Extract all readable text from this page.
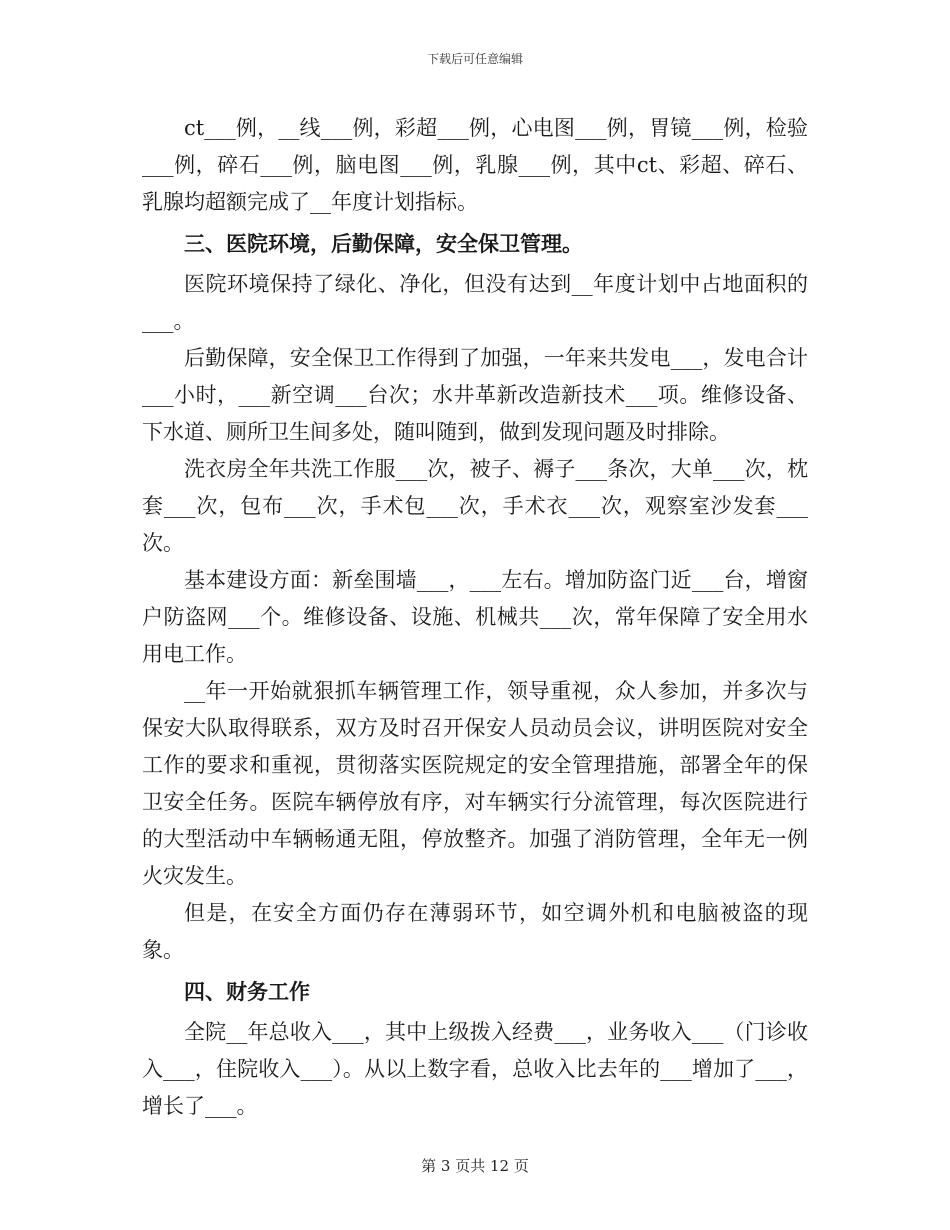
下载后可任意编辑

ct___例，__线___例，彩超___例，心电图___例，胃镜___例，检验___例，碎石___例，脑电图___例，乳腺___例，其中ct、彩超、碎石、乳腺均超额完成了__年度计划指标。

三、医院环境，后勤保障，安全保卫管理。

医院环境保持了绿化、净化，但没有达到__年度计划中占地面积的___。

后勤保障，安全保卫工作得到了加强，一年来共发电___，发电合计___小时，___新空调___台次；水井革新改造新技术___项。维修设备、下水道、厕所卫生间多处，随叫随到，做到发现问题及时排除。

洗衣房全年共洗工作服___次，被子、褥子___条次，大单___次，枕套___次，包布___次，手术包___次，手术衣___次，观察室沙发套___次。

基本建设方面：新垒围墙___，___左右。增加防盗门近___台，增窗户防盗网___个。维修设备、设施、机械共___次，常年保障了安全用水用电工作。

__年一开始就狠抓车辆管理工作，领导重视，众人参加，并多次与保安大队取得联系，双方及时召开保安人员动员会议，讲明医院对安全工作的要求和重视，贯彻落实医院规定的安全管理措施，部署全年的保卫安全任务。医院车辆停放有序，对车辆实行分流管理，每次医院进行的大型活动中车辆畅通无阻，停放整齐。加强了消防管理，全年无一例火灾发生。

但是，在安全方面仍存在薄弱环节，如空调外机和电脑被盗的现象。

四、财务工作

全院__年总收入___，其中上级拨入经费___，业务收入___（门诊收入___，住院收入___）。从以上数字看，总收入比去年的___增加了___，增长了___。

第 3 页共 12 页
